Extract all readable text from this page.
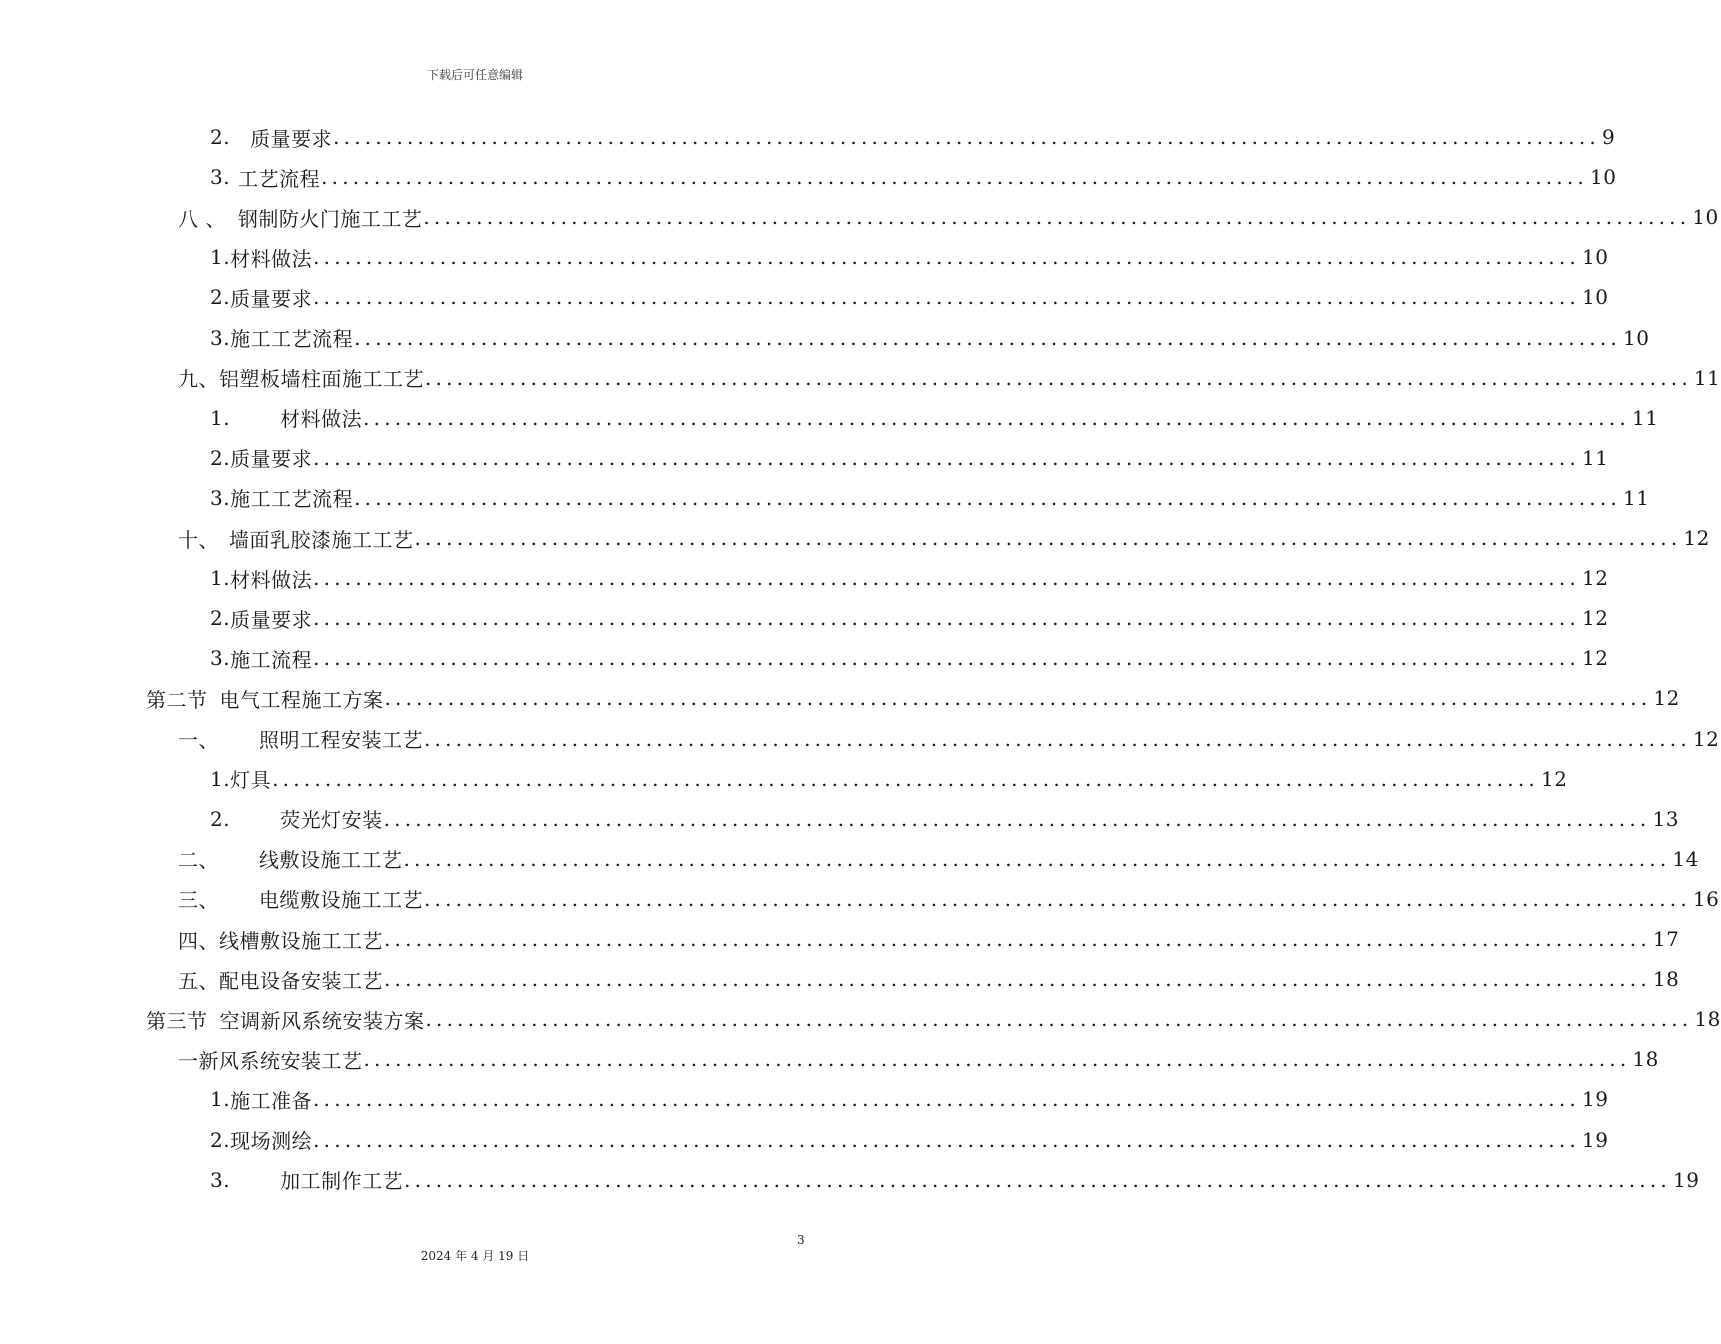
下载后可任意编辑
2. 质量要求 ........................................................................................................................ 9
3. 工艺流程 ........................................................................................................................ 10
八 、 钢制防火门施工工艺 ........................................................................................................................ 10
1. 材料做法 ........................................................................................................................ 10
2. 质量要求 ........................................................................................................................ 10
3. 施工工艺流程 ........................................................................................................................ 10
九、 铝塑板墙柱面施工工艺 ........................................................................................................................ 11
1.	材料做法 ........................................................................................................................ 11
2. 质量要求 ........................................................................................................................ 11
3. 施工工艺流程 ........................................................................................................................ 11
十、 墙面乳胶漆施工工艺 ........................................................................................................................ 12
1. 材料做法 ........................................................................................................................ 12
2. 质量要求 ........................................................................................................................ 12
3. 施工流程 ........................................................................................................................ 12
第二节 电气工程施工方案 ........................................................................................................................ 12
一、 照明工程安装工艺 ........................................................................................................................ 12
1. 灯具 ........................................................................................................................ 12
2.	荧光灯安装 ........................................................................................................................ 13
二、 线敷设施工工艺 ........................................................................................................................ 14
三、 电缆敷设施工工艺 ........................................................................................................................ 16
四、 线槽敷设施工工艺 ........................................................................................................................ 17
五、 配电设备安装工艺 ........................................................................................................................ 18
第三节 空调新风系统安装方案 ........................................................................................................................ 18
一 新风系统安装工艺 ........................................................................................................................ 18
1. 施工准备 ........................................................................................................................ 19
2. 现场测绘 ........................................................................................................................ 19
3.	加工制作工艺 ........................................................................................................................ 19
3
2024 年 4 月 19 日
